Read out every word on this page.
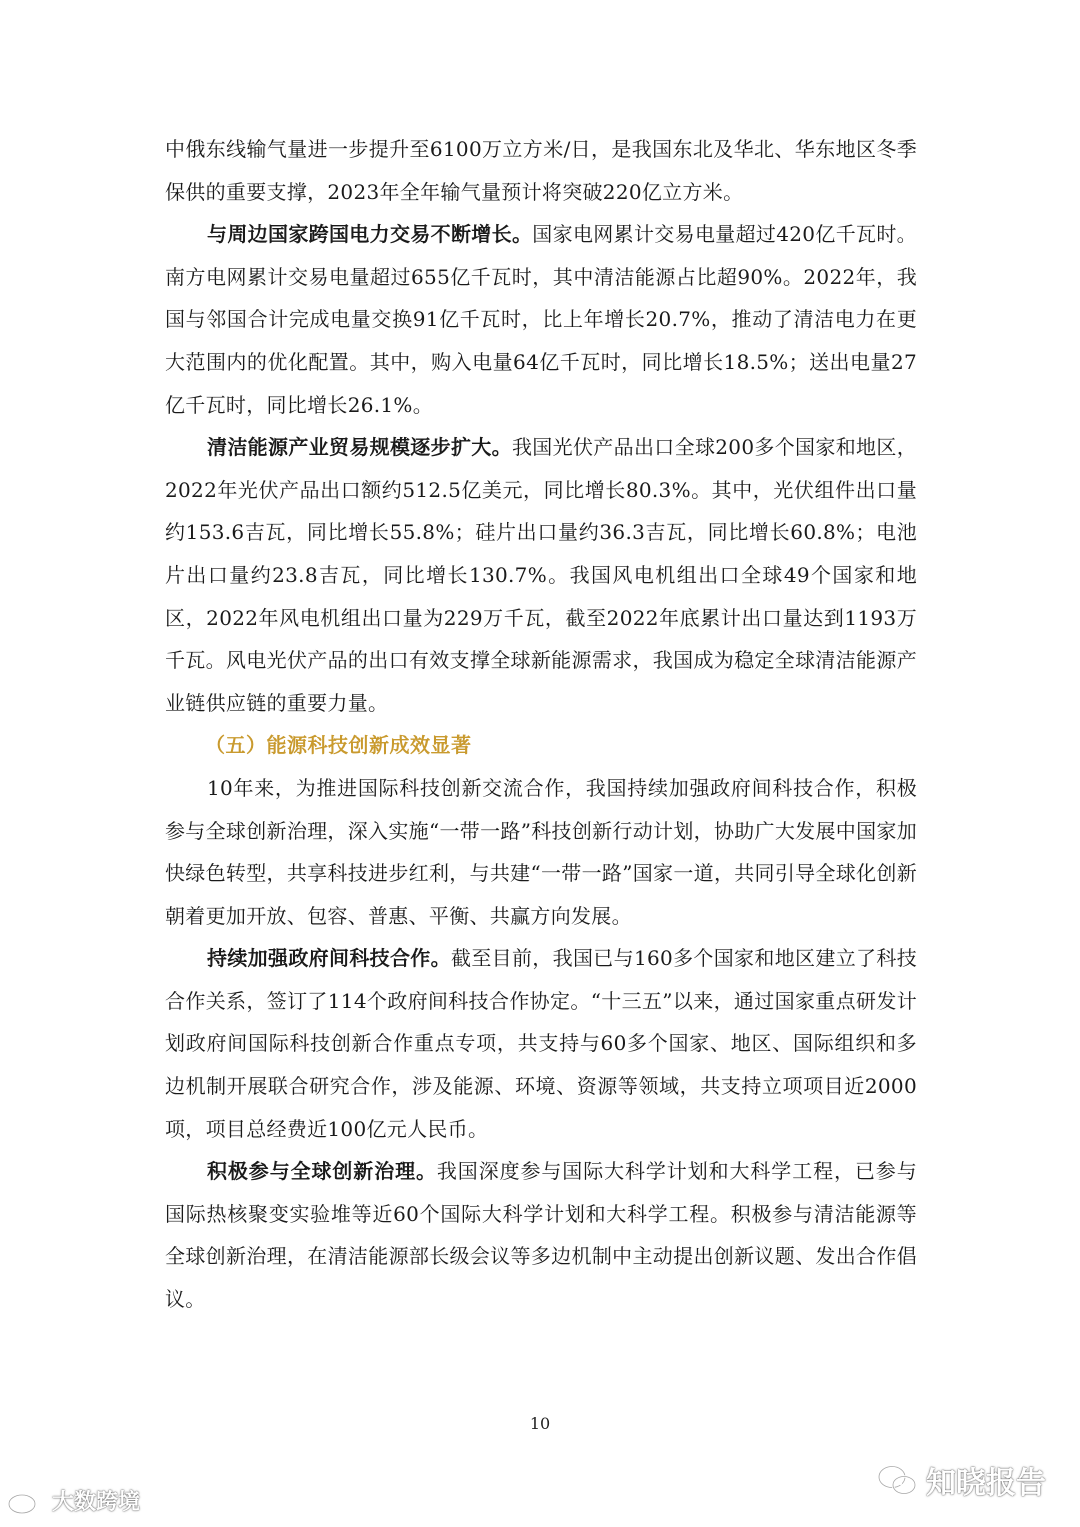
中俄东线输气量进一步提升至6100万立方米/日，是我国东北及华北、华东地区冬季保供的重要支撑，2023年全年输气量预计将突破220亿立方米。

与周边国家跨国电力交易不断增长。国家电网累计交易电量超过420亿千瓦时。南方电网累计交易电量超过655亿千瓦时，其中清洁能源占比超90%。2022年，我国与邻国合计完成电量交换91亿千瓦时，比上年增长20.7%，推动了清洁电力在更大范围内的优化配置。其中，购入电量64亿千瓦时，同比增长18.5%；送出电量27亿千瓦时，同比增长26.1%。

清洁能源产业贸易规模逐步扩大。我国光伏产品出口全球200多个国家和地区，2022年光伏产品出口额约512.5亿美元，同比增长80.3%。其中，光伏组件出口量约153.6吉瓦，同比增长55.8%；硅片出口量约36.3吉瓦，同比增长60.8%；电池片出口量约23.8吉瓦，同比增长130.7%。我国风电机组出口全球49个国家和地区，2022年风电机组出口量为229万千瓦，截至2022年底累计出口量达到1193万千瓦。风电光伏产品的出口有效支撑全球新能源需求，我国成为稳定全球清洁能源产业链供应链的重要力量。

（五）能源科技创新成效显著

10年来，为推进国际科技创新交流合作，我国持续加强政府间科技合作，积极参与全球创新治理，深入实施“一带一路”科技创新行动计划，协助广大发展中国家加快绿色转型，共享科技进步红利，与共建“一带一路”国家一道，共同引导全球化创新朝着更加开放、包容、普惠、平衡、共赢方向发展。

持续加强政府间科技合作。截至目前，我国已与160多个国家和地区建立了科技合作关系，签订了114个政府间科技合作协定。“十三五”以来，通过国家重点研发计划政府间国际科技创新合作重点专项，共支持与60多个国家、地区、国际组织和多边机制开展联合研究合作，涉及能源、环境、资源等领域，共支持立项项目近2000项，项目总经费近100亿元人民币。

积极参与全球创新治理。我国深度参与国际大科学计划和大科学工程，已参与国际热核聚变实验堆等近60个国际大科学计划和大科学工程。积极参与清洁能源等全球创新治理，在清洁能源部长级会议等多边机制中主动提出创新议题、发出合作倡议。

10
大数跨境
知晓报告
